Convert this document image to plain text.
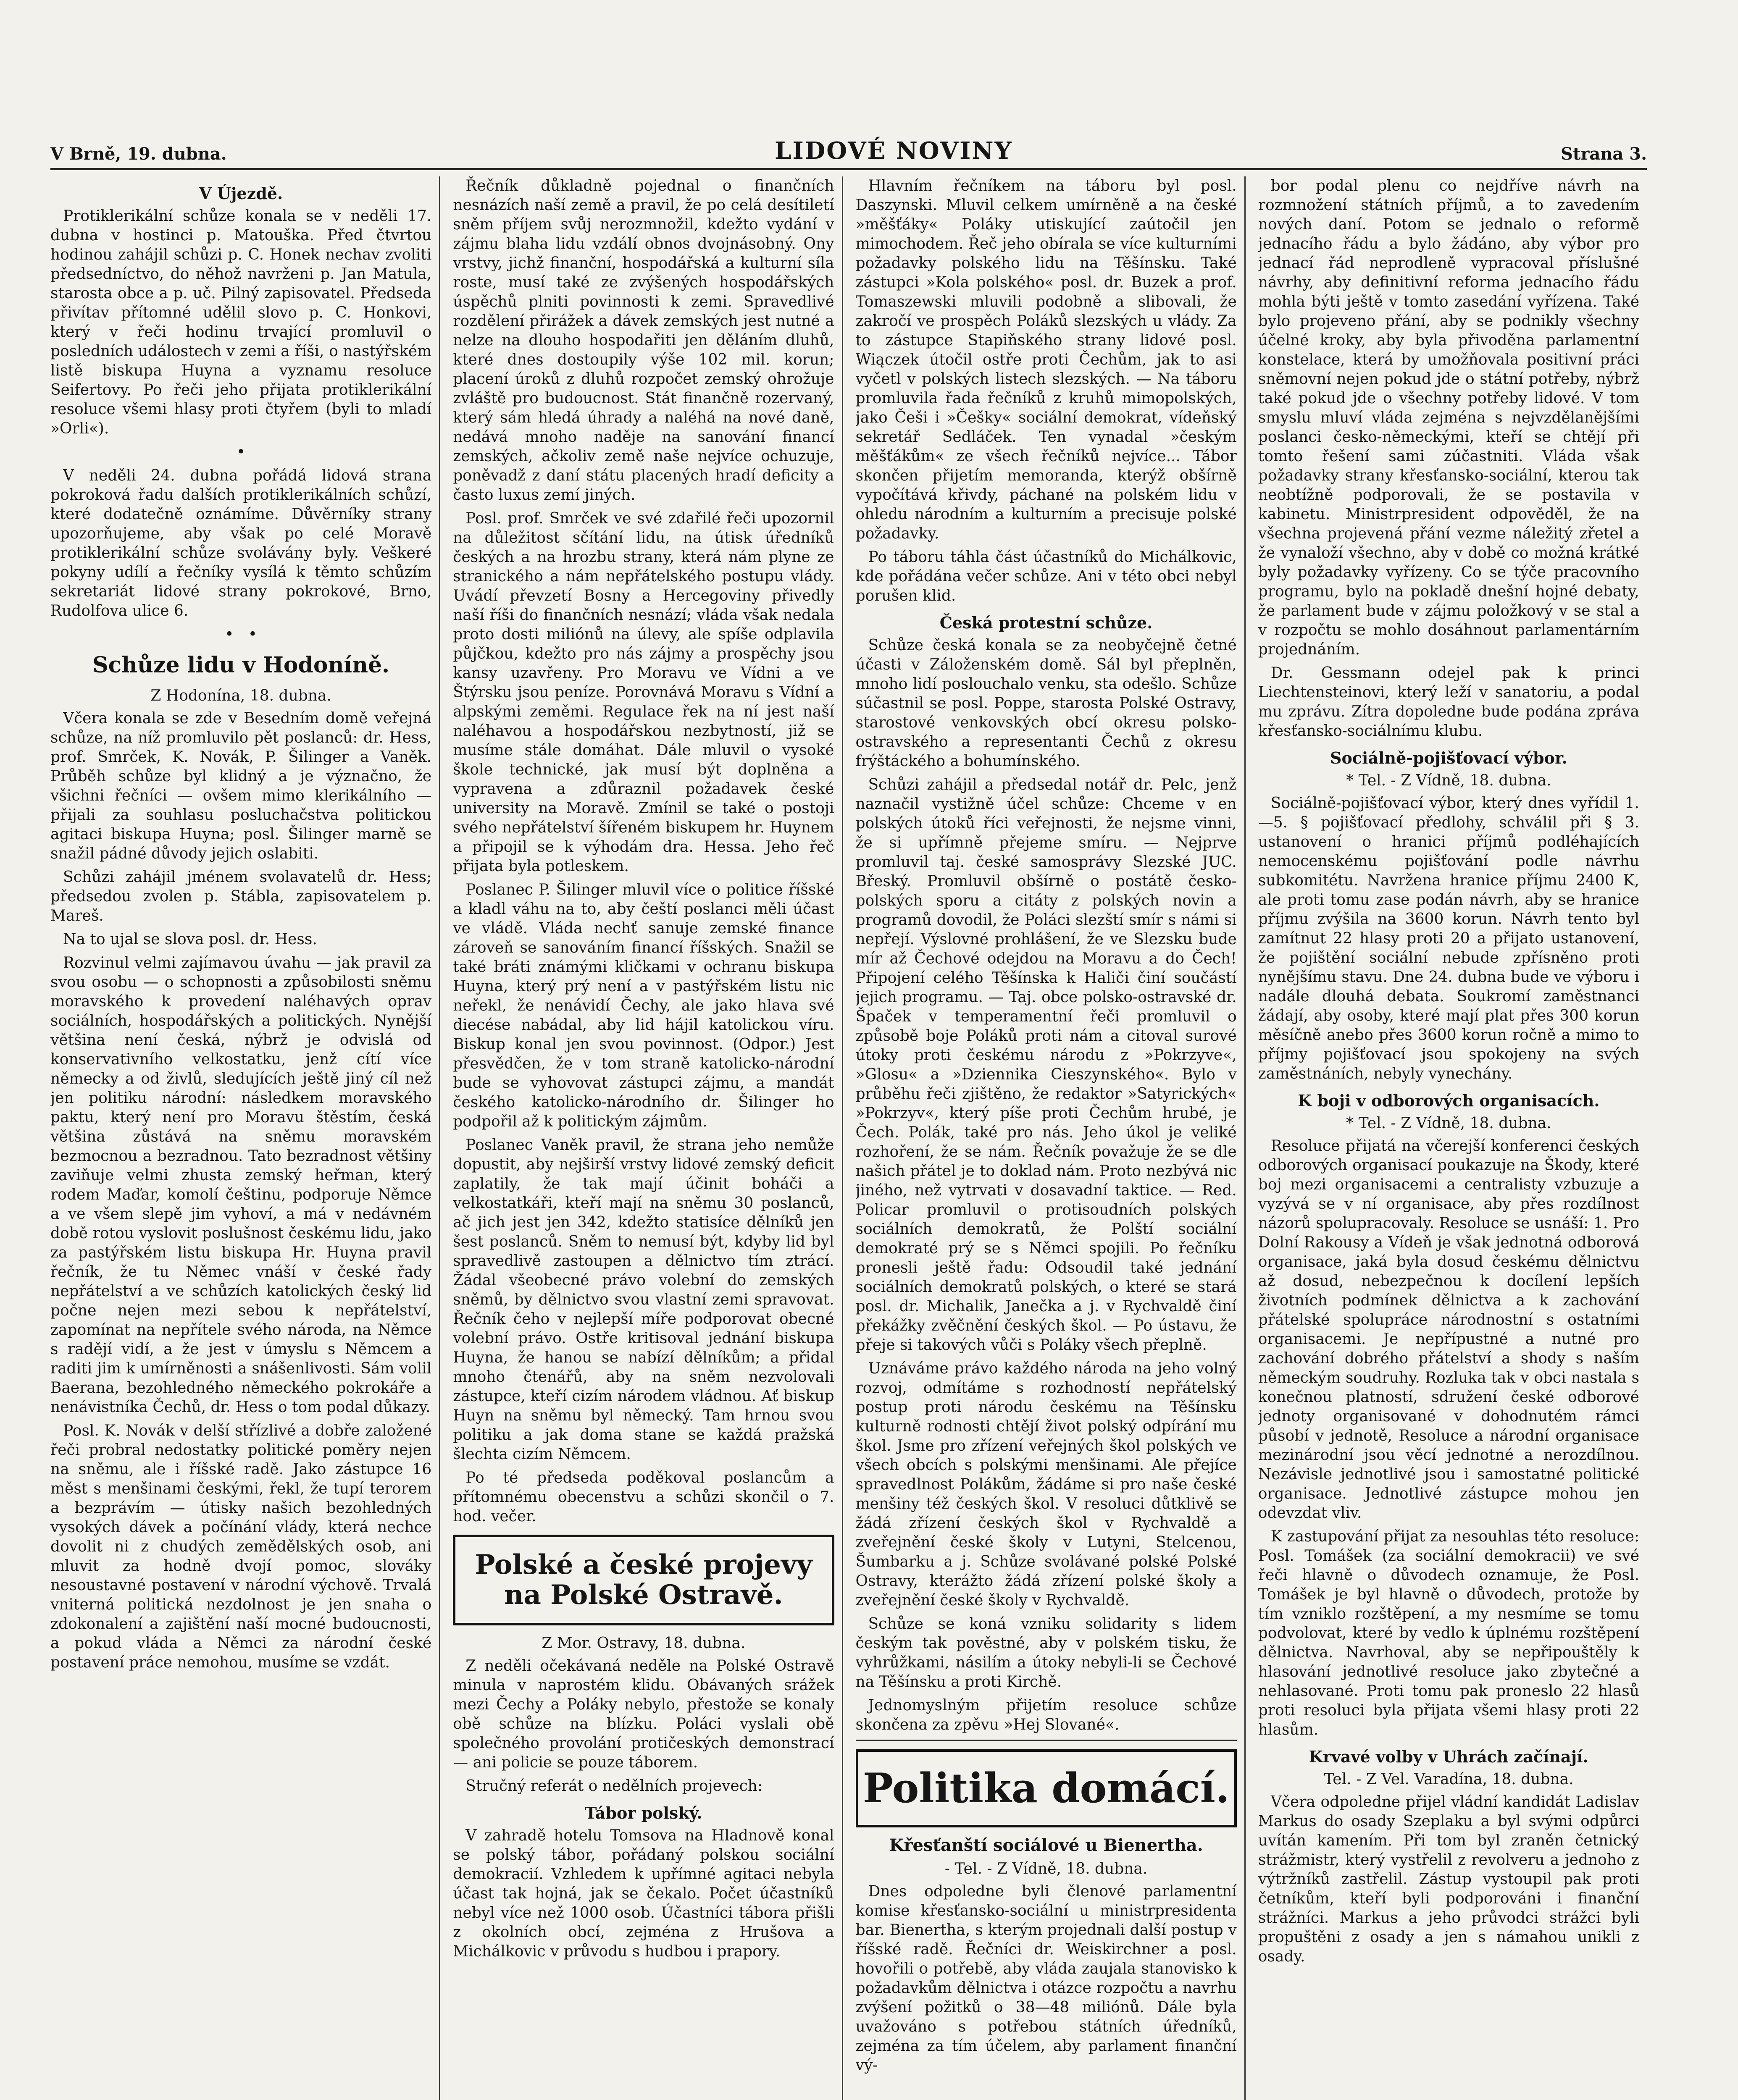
V Brně, 19. dubna.	LIDOVÉ NOVINY	Strana 3.
V Újezdě.

Protiklerikální schůze konala se v neděli 17. dubna v hostinci p. Matouška. Před čtvrtou hodinou zahájil schůzi p. C. Honek nechav zvoliti předsedníctvo, do něhož navrženi p. Jan Matula, starosta obce a p. uč. Pilný zapisovatel. Předseda přivítav přítomné udělil slovo p. C. Honkovi, který v řeči hodinu trvající promluvil o posledních událostech v zemi a říši, o nastýřském listě biskupa Huyna a vyznamu resoluce Seifertovy. Po řeči jeho přijata protiklerikální resoluce všemi hlasy proti čtyřem (byli to mladí »Orli«).

•

V neděli 24. dubna pořádá lidová strana pokroková řadu dalších protiklerikálních schůzí, které dodatečně oznámíme. Důvěrníky strany upozorňujeme, aby však po celé Moravě protiklerikální schůze svolávány byly. Veškeré pokyny udílí a řečníky vysílá k těmto schůzím sekretariát lidové strany pokrokové, Brno, Rudolfova ulice 6.

•   •
Schůze lidu v Hodoníně.
Z Hodonína, 18. dubna.

Včera konala se zde v Besedním domě veřejná schůze, na níž promluvilo pět poslanců: dr. Hess, prof. Smrček, K. Novák, P. Šilinger a Vaněk. Průběh schůze byl klidný a je význačno, že všichni řečníci — ovšem mimo klerikálního — přijali za souhlasu posluchačstva politickou agitaci biskupa Huyna; posl. Šilinger marně se snažil pádné důvody jejich oslabiti.

Schůzi zahájil jménem svolavatelů dr. Hess; předsedou zvolen p. Stábla, zapisovatelem p. Mareš.

Na to ujal se slova posl. dr. Hess.

Rozvinul velmi zajímavou úvahu — jak pravil za svou osobu — o schopnosti a způsobilosti sněmu moravského k provedení naléhavých oprav sociálních, hospodářských a politických. Nynější většina není česká, nýbrž je odvislá od konservativního velkostatku, jenž cítí více německy a od živlů, sledujících ještě jiný cíl než jen politiku národní: následkem moravského paktu, který není pro Moravu štěstím, česká většina zůstává na sněmu moravském bezmocnou a bezradnou. Tato bezradnost většiny zaviňuje velmi zhusta zemský heřman, který rodem Maďar, komolí češtinu, podporuje Němce a ve všem slepě jim vyhoví, a má v nedávném době rotou vyslovit poslušnost českému lidu, jako za pastýřském listu biskupa Hr. Huyna pravil řečník, že tu Němec vnáší v české řady nepřátelství a ve schůzích katolických český lid počne nejen mezi sebou k nepřátelství, zapomínat na nepřítele svého národa, na Němce s radějí vidí, a že jest v úmyslu s Němcem a raditi jim k umírněnosti a snášenlivosti. Sám volil Baerana, bezohledného německého pokrokáře a nenávistníka Čechů, dr. Hess o tom podal důkazy.

Posl. K. Novák v delší střízlivé a dobře založené řeči probral nedostatky politické poměry nejen na sněmu, ale i říšské radě. Jako zástupce 16 měst s menšinami českými, řekl, že tupí terorem a bezprávím — útisky našich bezohledných vysokých dávek a počínání vlády, která nechce dovolit ni z chudých zemědělských osob, ani mluvit za hodně dvojí pomoc, slováky nesoustavné postavení v národní výchově. Trvalá vniterná politická nezdolnost je jen snaha o zdokonalení a zajištění naší mocné budoucnosti, a pokud vláda a Němci za národní české postavení práce nemohou, musíme se vzdát.

Řečník důkladně pojednal o finančních nesnázích naší země a pravil, že po celá desítiletí sněm příjem svůj nerozmnožil, kdežto vydání v zájmu blaha lidu vzdálí obnos dvojnásobný. Ony vrstvy, jichž finanční, hospodářská a kulturní síla roste, musí také ze zvýšených hospodářských úspěchů plniti povinnosti k zemi. Spravedlivé rozdělení přirážek a dávek zemských jest nutné a nelze na dlouho hospodařiti jen děláním dluhů, které dnes dostoupily výše 102 mil. korun; placení úroků z dluhů rozpočet zemský ohrožuje zvláště pro budoucnost. Stát finančně rozervaný, který sám hledá úhrady a naléhá na nové daně, nedává mnoho naděje na sanování financí zemských, ačkoliv země naše nejvíce ochuzuje, poněvadž z daní státu placených hradí deficity a často luxus zemí jiných.

Posl. prof. Smrček ve své zdařilé řeči upozornil na důležitost sčítání lidu, na útisk úředníků českých a na hrozbu strany, která nám plyne ze stranického a nám nepřátelského postupu vlády. Uvádí převzetí Bosny a Hercegoviny přivedly naší říši do finančních nesnází; vláda však nedala proto dosti miliónů na úlevy, ale spíše odplavila půjčkou, kdežto pro nás zájmy a prospěchy jsou kansy uzavřeny. Pro Moravu ve Vídni a ve Štýrsku jsou peníze. Porovnává Moravu s Vídní a alpskými zeměmi. Regulace řek na ní jest naší naléhavou a hospodářskou nezbytností, již se musíme stále domáhat. Dále mluvil o vysoké škole technické, jak musí být doplněna a vypravena a zdůraznil požadavek české university na Moravě. Zmínil se také o postoji svého nepřátelství šířeném biskupem hr. Huynem a připojil se k výhodám dra. Hessa. Jeho řeč přijata byla potleskem.

Poslanec P. Šilinger mluvil více o politice říšské a kladl váhu na to, aby čeští poslanci měli účast ve vládě. Vláda nechť sanuje zemské finance zároveň se sanováním financí říšských. Snažil se také bráti známými kličkami v ochranu biskupa Huyna, který prý není a v pastýřském listu nic neřekl, že nenávidí Čechy, ale jako hlava své diecése nabádal, aby lid hájil katolickou víru. Biskup konal jen svou povinnost. (Odpor.) Jest přesvědčen, že v tom straně katolicko-národní bude se vyhovovat zástupci zájmu, a mandát českého katolicko-národního dr. Šilinger ho podpořil až k politickým zájmům.

Poslanec Vaněk pravil, že strana jeho nemůže dopustit, aby nejširší vrstvy lidové zemský deficit zaplatily, že tak mají účinit boháči a velkostatkáři, kteří mají na sněmu 30 poslanců, ač jich jest jen 342, kdežto statisíce dělníků jen šest poslanců. Sněm to nemusí být, kdyby lid byl spravedlivě zastoupen a dělnictvo tím ztrácí. Žádal všeobecné právo volební do zemských sněmů, by dělnictvo svou vlastní zemi spravovat. Řečník čeho v nejlepší míře podporovat obecné volební právo. Ostře kritisoval jednání biskupa Huyna, že hanou se nabízí dělníkům; a přidal mnoho čtenářů, aby na sněm nezvolovali zástupce, kteří cizím národem vládnou. Ať biskup Huyn na sněmu byl německý. Tam hrnou svou politiku a jak doma stane se každá pražská šlechta cizím Němcem.

Po té předseda poděkoval poslancům a přítomnému obecenstvu a schůzi skončil o 7. hod. večer.

Polské a české projevy na Polské Ostravě.
Z Mor. Ostravy, 18. dubna.

Z neděli očekávaná neděle na Polské Ostravě minula v naprostém klidu. Obávaných srážek mezi Čechy a Poláky nebylo, přestože se konaly obě schůze na blízku. Poláci vyslali obě společného provolání protičeských demonstrací — ani policie se pouze táborem.

Stručný referát o nedělních projevech:

Tábor polský.

V zahradě hotelu Tomsova na Hladnově konal se polský tábor, pořádaný polskou sociální demokracií. Vzhledem k upřímné agitaci nebyla účast tak hojná, jak se čekalo. Počet účastníků nebyl více než 1000 osob. Účastníci tábora přišli z okolních obcí, zejména z Hrušova a Michálkovic v průvodu s hudbou i prapory.

Hlavním řečníkem na táboru byl posl. Daszynski. Mluvil celkem umírněně a na české »měšťáky« Poláky utiskující zaútočil jen mimochodem. Řeč jeho obírala se více kulturními požadavky polského lidu na Těšínsku. Také zástupci »Kola polského« posl. dr. Buzek a prof. Tomaszewski mluvili podobně a slibovali, že zakročí ve prospěch Poláků slezských u vlády. Za to zástupce Stapiňského strany lidové posl. Wiączek útočil ostře proti Čechům, jak to asi vyčetl v polských listech slezských. — Na táboru promluvila řada řečníků z kruhů mimopolských, jako Češi i »Češky« sociální demokrat, vídeňský sekretář Sedláček. Ten vynadal »českým měšťákům« ze všech řečníků nejvíce... Tábor skončen přijetím memoranda, kterýž obšírně vypočítává křivdy, páchané na polském lidu v ohledu národním a kulturním a precisuje polské požadavky.

Po táboru táhla část účastníků do Michálkovic, kde pořádána večer schůze. Ani v této obci nebyl porušen klid.

Česká protestní schůze.

Schůze česká konala se za neobyčejně četné účasti v Záloženském domě. Sál byl přeplněn, mnoho lidí poslouchalo venku, sta odešlo. Schůze súčastnil se posl. Poppe, starosta Polské Ostravy, starostové venkovských obcí okresu polsko-ostravského a representanti Čechů z okresu frýštáckého a bohumínského.

Schůzi zahájil a předsedal notář dr. Pelc, jenž naznačil vystižně účel schůze: Chceme v en polských útoků říci veřejnosti, že nejsme vinni, že si upřímně přejeme smíru. — Nejprve promluvil taj. české samosprávy Slezské JUC. Břeský. Promluvil obšírně o postátě česko-polských sporu a citáty z polských novin a programů dovodil, že Poláci slezští smír s námi si nepřejí. Výslovné prohlášení, že ve Slezsku bude mír až Čechové odejdou na Moravu a do Čech! Připojení celého Těšínska k Haliči činí součástí jejich programu. — Taj. obce polsko-ostravské dr. Špaček v temperamentní řeči promluvil o způsobě boje Poláků proti nám a citoval surové útoky proti českému národu z »Pokrzyve«, »Glosu« a »Dziennika Cieszynského«. Bylo v průběhu řeči zjištěno, že redaktor »Satyrických« »Pokrzyv«, který píše proti Čechům hrubé, je Čech. Polák, také pro nás. Jeho úkol je veliké rozhoření, že se nám. Řečník považuje že se dle našich přátel je to doklad nám. Proto nezbývá nic jiného, než vytrvati v dosavadní taktice. — Red. Policar promluvil o protisoudních polských sociálních demokratů, že Polští sociální demokraté prý se s Němci spojili. Po řečníku pronesli ještě řadu: Odsoudil také jednání sociálních demokratů polských, o které se stará posl. dr. Michalik, Janečka a j. v Rychvaldě činí překážky zvěčnění českých škol. — Po ústavu, že přeje si takových vůči s Poláky všech přeplně.

Uznáváme právo každého národa na jeho volný rozvoj, odmítáme s rozhodností nepřátelský postup proti národu českému na Těšínsku kulturně rodnosti chtějí život polský odpírání mu škol. Jsme pro zřízení veřejných škol polských ve všech obcích s polskými menšinami. Ale přejíce spravedlnost Polákům, žádáme si pro naše české menšiny též českých škol. V resoluci důtklivě se žádá zřízení českých škol v Rychvaldě a zveřejnění české školy v Lutyni, Stelcenou, Šumbarku a j. Schůze svolávané polské Polské Ostravy, kterážto žádá zřízení polské školy a zveřejnění české školy v Rychvaldě.

Schůze se koná vzniku solidarity s lidem českým tak pověstné, aby v polském tisku, že vyhrůžkami, násilím a útoky nebyli-li se Čechové na Těšínsku a proti Kirchě.

Jednomyslným přijetím resoluce schůze skončena za zpěvu »Hej Slované«.

Politika domácí.
Křesťanští sociálové u Bienertha.
- Tel. - Z Vídně, 18. dubna.

Dnes odpoledne byli členové parlamentní komise křesťansko-sociální u ministrpresidenta bar. Bienertha, s kterým projednali další postup v říšské radě. Řečníci dr. Weiskirchner a posl. hovořili o potřebě, aby vláda zaujala stanovisko k požadavkům dělnictva i otázce rozpočtu a navrhu zvýšení požitků o 38—48 miliónů. Dále byla uvažováno s potřebou státních úředníků, zejména za tím účelem, aby parlament finanční vý-

bor podal plenu co nejdříve návrh na rozmnožení státních příjmů, a to zavedením nových daní. Potom se jednalo o reformě jednacího řádu a bylo žádáno, aby výbor pro jednací řád neprodleně vypracoval příslušné návrhy, aby definitivní reforma jednacího řádu mohla býti ještě v tomto zasedání vyřízena. Také bylo projeveno přání, aby se podnikly všechny účelné kroky, aby byla přivoděna parlamentní konstelace, která by umožňovala positivní práci sněmovní nejen pokud jde o státní potřeby, nýbrž také pokud jde o všechny potřeby lidové. V tom smyslu mluví vláda zejména s nejvzdělanějšími poslanci česko-německými, kteří se chtějí při tomto řešení sami zúčastniti. Vláda však požadavky strany křesťansko-sociální, kterou tak neobtížně podporovali, že se postavila v kabinetu. Ministrpresident odpověděl, že na všechna projevená přání vezme náležitý zřetel a že vynaloží všechno, aby v době co možná krátké byly požadavky vyřízeny. Co se týče pracovního programu, bylo na pokladě dnešní hojné debaty, že parlament bude v zájmu položkový v se stal a v rozpočtu se mohlo dosáhnout parlamentárním projednáním.

Dr. Gessmann odejel pak k princi Liechtensteinovi, který leží v sanatoriu, a podal mu zprávu. Zítra dopoledne bude podána zpráva křesťansko-sociálnímu klubu.

Sociálně-pojišťovací výbor.
* Tel. - Z Vídně, 18. dubna.

Sociálně-pojišťovací výbor, který dnes vyřídil 1.—5. § pojišťovací předlohy, schválil při § 3. ustanovení o hranici příjmů podléhajících nemocenskému pojišťování podle návrhu subkomitétu. Navržena hranice příjmu 2400 K, ale proti tomu zase podán návrh, aby se hranice příjmu zvýšila na 3600 korun. Návrh tento byl zamítnut 22 hlasy proti 20 a přijato ustanovení, že pojištění sociální nebude zpřísněno proti nynějšímu stavu. Dne 24. dubna bude ve výboru i nadále dlouhá debata. Soukromí zaměstnanci žádají, aby osoby, které mají plat přes 300 korun měsíčně anebo přes 3600 korun ročně a mimo to příjmy pojišťovací jsou spokojeny na svých zaměstnáních, nebyly vynechány.

K boji v odborových organisacích.
* Tel. - Z Vídně, 18. dubna.

Resoluce přijatá na včerejší konferenci českých odborových organisací poukazuje na Škody, které boj mezi organisacemi a centralisty vzbuzuje a vyzývá se v ní organisace, aby přes rozdílnost názorů spolupracovaly. Resoluce se usnáší: 1. Pro Dolní Rakousy a Vídeň je však jednotná odborová organisace, jaká byla dosud českému dělnictvu až dosud, nebezpečnou k docílení lepších životních podmínek dělnictva a k zachování přátelské spolupráce národnostní s ostatními organisacemi. Je nepřípustné a nutné pro zachování dobrého přátelství a shody s naším německým soudruhy. Rozluka tak v obci nastala s konečnou platností, sdružení české odborové jednoty organisované v dohodnutém rámci působí v jednotě, Resoluce a národní organisace mezinárodní jsou věcí jednotné a nerozdílnou. Nezávisle jednotlivé jsou i samostatné politické organisace. Jednotlivé zástupce mohou jen odevzdat vliv.

K zastupování přijat za nesouhlas této resoluce: Posl. Tomášek (za sociální demokracii) ve své řeči hlavně o důvodech oznamuje, že Posl. Tomášek je byl hlavně o důvodech, protože by tím vzniklo rozštěpení, a my nesmíme se tomu podvolovat, které by vedlo k úplnému rozštěpení dělnictva. Navrhoval, aby se nepřipouštěly k hlasování jednotlivé resoluce jako zbytečné a nehlasované. Proti tomu pak proneslo 22 hlasů proti resoluci byla přijata všemi hlasy proti 22 hlasům.

Krvavé volby v Uhrách začínají.
Tel. - Z Vel. Varadína, 18. dubna.

Včera odpoledne přijel vládní kandidát Ladislav Markus do osady Szeplaku a byl svými odpůrci uvítán kamením. Při tom byl zraněn četnický strážmistr, který vystřelil z revolveru a jednoho z výtržníků zastřelil. Zástup vystoupil pak proti četníkům, kteří byli podporováni i finanční strážníci. Markus a jeho průvodci strážci byli propuštěni z osady a jen s námahou unikli z osady.
